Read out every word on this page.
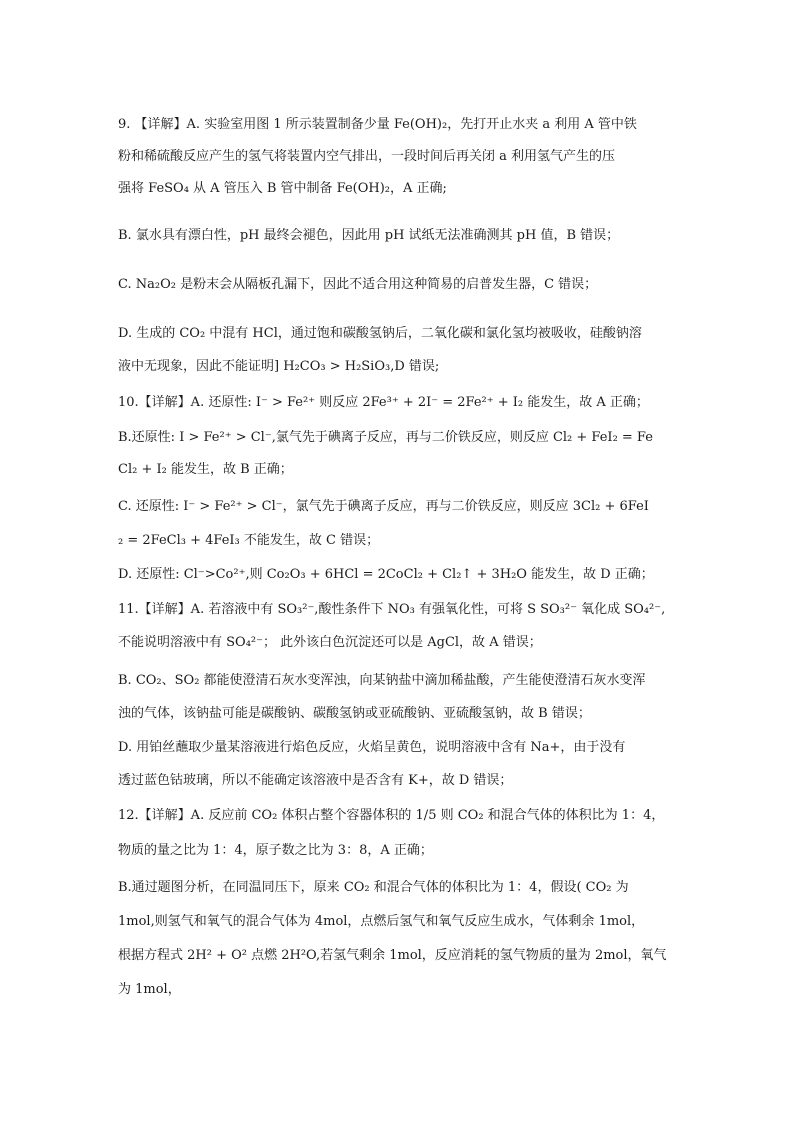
9. 【详解】A. 实验室用图 1 所示装置制备少量 Fe(OH)₂，先打开止水夹 a 利用 A 管中铁
粉和稀硫酸反应产生的氢气将装置内空气排出，一段时间后再关闭 a 利用氢气产生的压
强将 FeSO₄ 从 A 管压入 B 管中制备 Fe(OH)₂，A 正确;
B. 氯水具有漂白性，pH 最终会褪色，因此用 pH 试纸无法准确测其 pH 值，B 错误；
C. Na₂O₂ 是粉末会从隔板孔漏下，因此不适合用这种简易的启普发生器，C 错误；
D. 生成的 CO₂ 中混有 HCl，通过饱和碳酸氢钠后，二氧化碳和氯化氢均被吸收，硅酸钠溶
液中无现象，因此不能证明] H₂CO₃ > H₂SiO₃,D 错误;
10.【详解】A. 还原性: I⁻ > Fe²⁺ 则反应 2Fe³⁺ + 2I⁻ = 2Fe²⁺ + I₂ 能发生，故 A 正确；
B.还原性: I > Fe²⁺ > Cl⁻,氯气先于碘离子反应，再与二价铁反应，则反应 Cl₂ + FeI₂ = Fe
Cl₂ + I₂ 能发生，故 B 正确；
C. 还原性: I⁻ > Fe²⁺ > Cl⁻，氯气先于碘离子反应，再与二价铁反应，则反应 3Cl₂ + 6FeI
₂ = 2FeCl₃ + 4FeI₃ 不能发生，故 C 错误；
D. 还原性: Cl⁻>Co²⁺,则 Co₂O₃ + 6HCl = 2CoCl₂ + Cl₂↑ + 3H₂O 能发生，故 D 正确；
11.【详解】A. 若溶液中有 SO₃²⁻,酸性条件下 NO₃ 有强氧化性，可将 S SO₃²⁻ 氧化成 SO₄²⁻,
不能说明溶液中有 SO₄²⁻； 此外该白色沉淀还可以是 AgCl，故 A 错误；
B. CO₂、SO₂ 都能使澄清石灰水变浑浊，向某钠盐中滴加稀盐酸，产生能使澄清石灰水变浑
浊的气体，该钠盐可能是碳酸钠、碳酸氢钠或亚硫酸钠、亚硫酸氢钠，故 B 错误；
D. 用铂丝蘸取少量某溶液进行焰色反应，火焰呈黄色，说明溶液中含有 Na+，由于没有
透过蓝色钴玻璃，所以不能确定该溶液中是否含有 K+，故 D 错误；
12.【详解】A. 反应前 CO₂ 体积占整个容器体积的 1/5 则 CO₂ 和混合气体的体积比为 1：4，
物质的量之比为 1：4，原子数之比为 3：8，A 正确；
B.通过题图分析，在同温同压下，原来 CO₂ 和混合气体的体积比为 1：4，假设( CO₂ 为
1mol,则氢气和氧气的混合气体为 4mol，点燃后氢气和氧气反应生成水，气体剩余 1mol，
根据方程式 2H² + O² 点燃 2H²O,若氢气剩余 1mol，反应消耗的氢气物质的量为 2mol，氧气
为 1mol，
